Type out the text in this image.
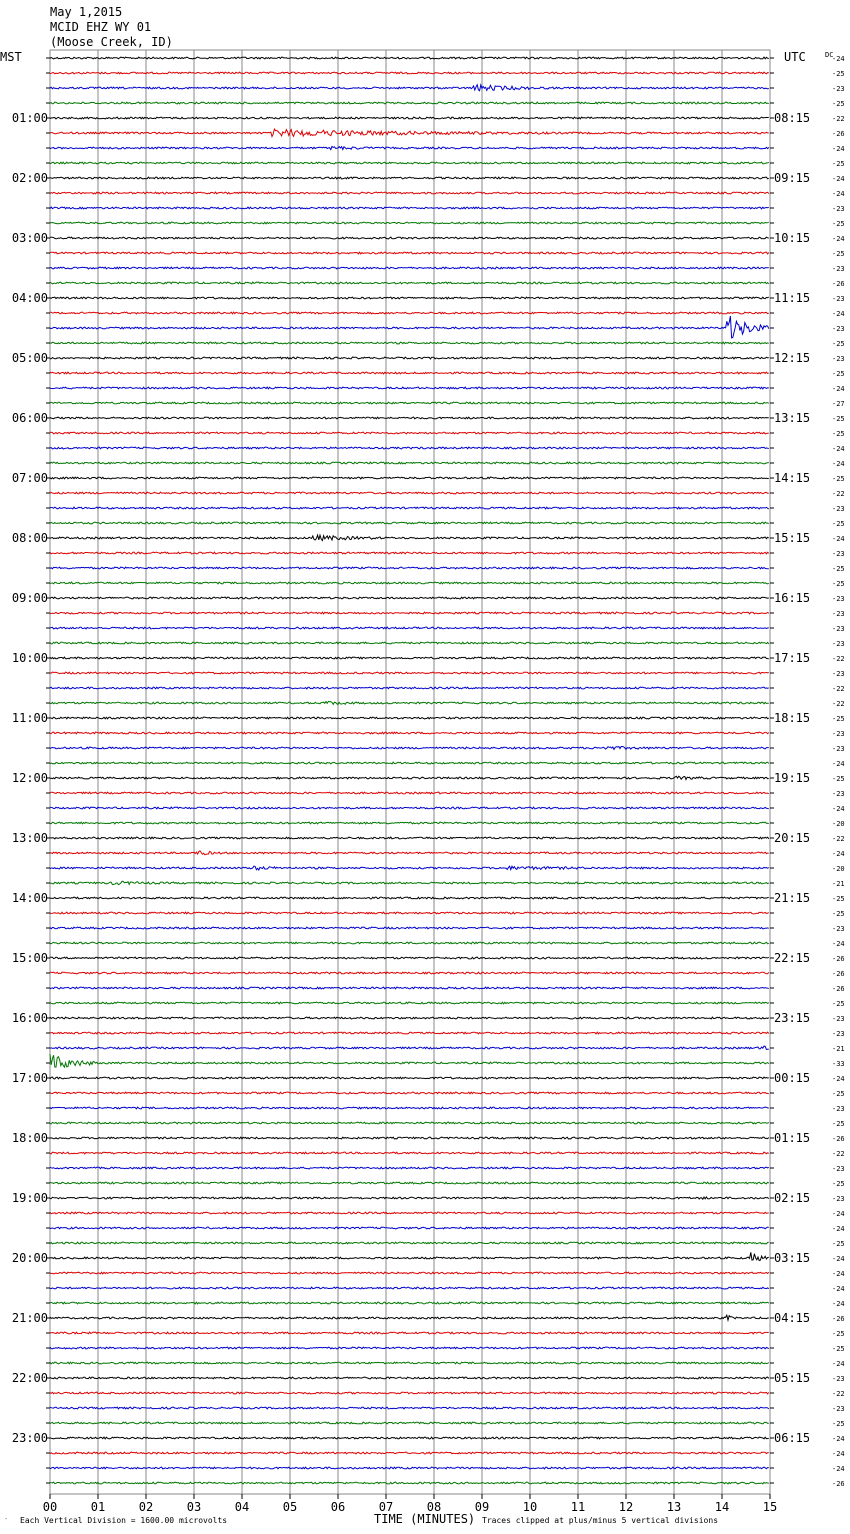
May 1,2015
MCID EHZ WY 01
(Moose Creek, ID)
-24
-25
-23
-25
-22
01:00	08:15
-26
-24
-25
-24
02:00	09:15
-24
-23
-25
-24
03:00	10:15
-25
-23
-26
-23
04:00	11:15
-24
-23
-25
-23
05:00	12:15
-25
-24
-27
-25
06:00	13:15
-25
-24
-24
-25
07:00	14:15
-22
-23
-25
-24
08:00	15:15
-23
-25
-25
-23
09:00	16:15
-23
-23
-23
-22
10:00	17:15
-23
-22
-22
-25
11:00	18:15
-23
-23
-24
-25
12:00	19:15
-23
-24
-20
-22
13:00	20:15
-24
-20
-21
-25
14:00	21:15
-25
-23
-24
-26
15:00	22:15
-26
-26
-25
-23
16:00	23:15
-23
-21
-33
-24
17:00	00:15
-25
-23
-25
-26
18:00	01:15
-22
-23
-25
-23
19:00	02:15
-24
-24
-25
-24
20:00	03:15
-24
-24
-24
-26
21:00	04:15
-25
-25
-24
-23
22:00	05:15
-22
-23
-25
-24
23:00	06:15
-24
-24
-26
MST	UTC	DC
00	01	02	03	04	05	06	07	08	09	10	11	12	13	14	15
′ Each Vertical Division = 1600.00 microvolts	TIME (MINUTES) Traces clipped at plus/minus 5 vertical divisions
